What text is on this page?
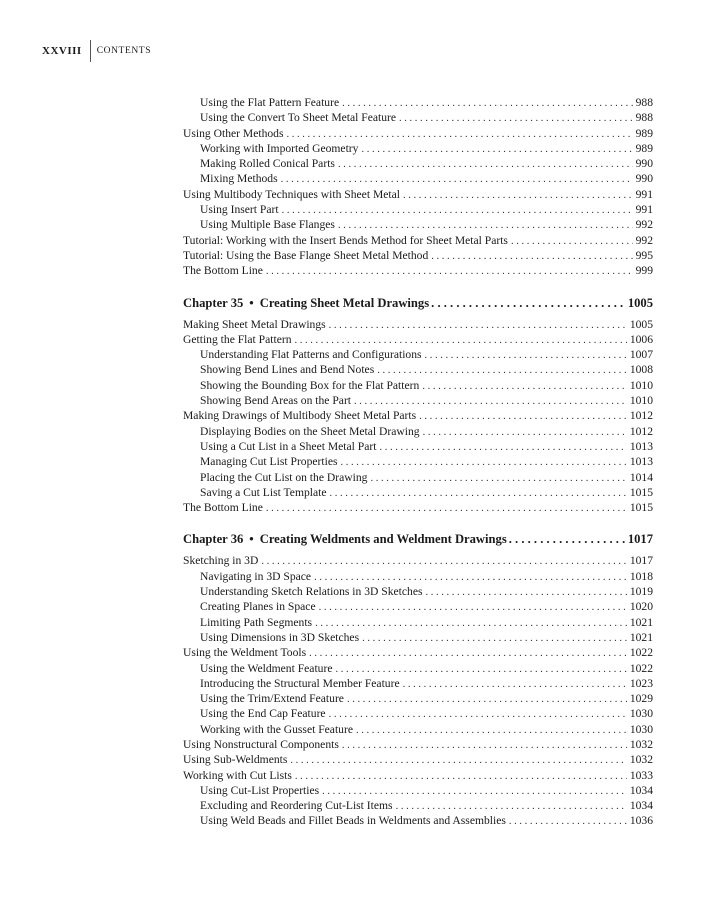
XXVIII	CONTENTS
Using the Flat Pattern Feature . . .	988
Using the Convert To Sheet Metal Feature . . .	988
Using Other Methods . . .	989
Working with Imported Geometry . . .	989
Making Rolled Conical Parts . . .	990
Mixing Methods . . .	990
Using Multibody Techniques with Sheet Metal . . .	991
Using Insert Part . . .	991
Using Multiple Base Flanges . . .	992
Tutorial: Working with the Insert Bends Method for Sheet Metal Parts . . .	992
Tutorial: Using the Base Flange Sheet Metal Method . . .	995
The Bottom Line . . .	999
Chapter 35 • Creating Sheet Metal Drawings . . .	1005
Making Sheet Metal Drawings . . .	1005
Getting the Flat Pattern . . .	1006
Understanding Flat Patterns and Configurations . . .	1007
Showing Bend Lines and Bend Notes . . .	1008
Showing the Bounding Box for the Flat Pattern . . .	1010
Showing Bend Areas on the Part . . .	1010
Making Drawings of Multibody Sheet Metal Parts . . .	1012
Displaying Bodies on the Sheet Metal Drawing . . .	1012
Using a Cut List in a Sheet Metal Part . . .	1013
Managing Cut List Properties . . .	1013
Placing the Cut List on the Drawing . . .	1014
Saving a Cut List Template . . .	1015
The Bottom Line . . .	1015
Chapter 36 • Creating Weldments and Weldment Drawings . . .	1017
Sketching in 3D . . .	1017
Navigating in 3D Space . . .	1018
Understanding Sketch Relations in 3D Sketches . . .	1019
Creating Planes in Space . . .	1020
Limiting Path Segments . . .	1021
Using Dimensions in 3D Sketches . . .	1021
Using the Weldment Tools . . .	1022
Using the Weldment Feature . . .	1022
Introducing the Structural Member Feature . . .	1023
Using the Trim/Extend Feature . . .	1029
Using the End Cap Feature . . .	1030
Working with the Gusset Feature . . .	1030
Using Nonstructural Components . . .	1032
Using Sub-Weldments . . .	1032
Working with Cut Lists . . .	1033
Using Cut-List Properties . . .	1034
Excluding and Reordering Cut-List Items . . .	1034
Using Weld Beads and Fillet Beads in Weldments and Assemblies . . .	1036
